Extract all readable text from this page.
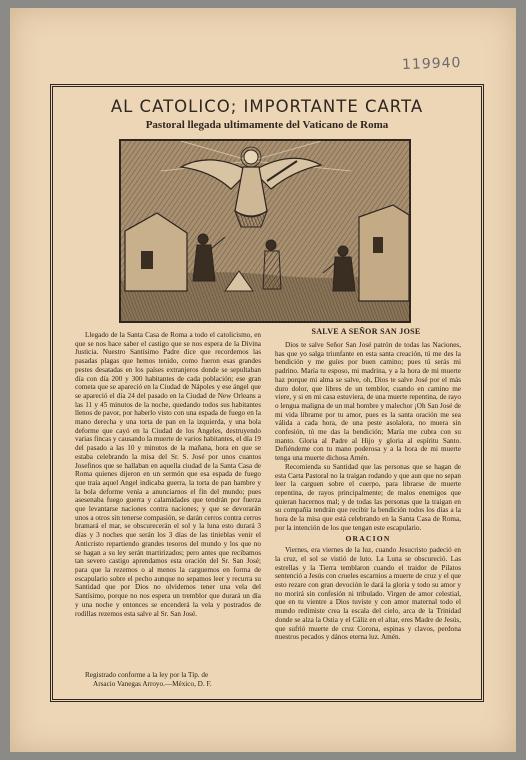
119940
AL CATOLICO; IMPORTANTE CARTA
Pastoral llegada ultimamente del Vaticano de Roma
SALVE A SEÑOR SAN JOSE

Llegado de la Santa Casa de Roma a todo el catolicismo, en que se nos hace saber el castigo que se nos espera de la Divina Justicia. Nuestro Santísimo Padre dice que recordemos las pasadas plagas que hemos tenido, como fueron esas grandes pestes desatadas en los países extranjeros donde se sepultaban día con día 200 y 300 habitantes de cada población; ese gran cometa que se apareció en la Ciudad de Nápoles y ese ángel que se apareció el día 24 del pasado en la Ciudad de New Orleans a las 11 y 45 minutos de la noche, quedando todos sus habitantes llenos de pavor, por haberlo visto con una espada de fuego en la mano derecha y una torta de pan en la izquierda, y una bola deforme que cayó en la Ciudad de los Angeles, destruyendo varias fincas y causando la muerte de varios habitantes, el día 19 del pasado a las 10 y minutos de la mañana, hora en que se estaba celebrando la misa del Sr. S. José por unos cuantos Josefinos que se hallaban en aquella ciudad de la Santa Casa de Roma quienes dijeron en un sermón que esa espada de fuego que traía aquel Angel indicaba guerra, la torta de pan hambre y la bola deforme venía a anunciarnos el fin del mundo; pues asesenaba fuego guerra y calamidades que tendrán por fuerza que levantarse naciones contra naciones; y que se devorarán unos a otros sin tenerse compasión, se darán cerros contra cerros bramará el mar, se obscurecerán el sol y la luna esto durará 3 días y 3 noches que serán los 3 días de las tinieblas venir el Anticristo repartiendo grandes tesoros del mundo y los que no se hagan a su ley serán martirizados; pero antes que recibamos tan severo castigo aprendamos esta oración del Sr. San José; para que la rezemos o al menos la carguemos en forma de escapulario sobre el pecho aunque no sepamos leer y recurra su Santidad que por Dios no olvidemos tener una vela del Santísimo, porque no nos espera un tremblor que durará un día y una noche y entonces se encenderá la vela y postrados de rodillas rezemos esta salve al Sr. San José.

Registrado conforme a la ley por la Tip. de
Arsacio Vanegas Arroyo.—México, D. F.

Dios te salve Señor San José patrón de todas las Naciones, has que yo salga triunfante en esta santa creación, tú me des la bendición y me guíes por buen camino; pues tú serás mi padrino. María tu esposo, mi madrina, y a la hora de mi muerte haz porque mi alma se salve, oh, Dios te salve José por el más duro dolor, que libres de un temblor, cuando en camino me viere, y si en mi casa estuviera, de una muerte repentina, de rayo o lengua maligna de un mal hombre y malechor ¡Oh San José de mi vida líbrame por tu amor, pues es la santa oración me sea válida a cada hora, de una peste asolalora, no muera sin confesión, tú me das la bendición; María me cubra con su manto. Gloria al Padre al Hijo y gloria al espíritu Santo. Defiéndeme con tu mano poderosa y a la hora de mi muerte tenga una muerte dichosa Amén.

Recomienda su Santidad que las personas que se hagan de esta Carta Pastoral no la traigan rodando y que aun que no sepan leer la carguen sobre el cuerpo, para librarse de muerte repentina, de rayos principalmente; de malos enemigos que quieran hacernos mal; y de todas las personas que la traigan en su compañía tendrán que recibir la bendición todos los días a la hora de la misa que está celebrando en la Santa Casa de Roma, por la intención de los que tengan este escapulario.

ORACION

Viernes, era viernes de la luz, cuando Jesucristo padeció en la cruz, el sol se vistió de luto. La Luna se obscureció. Las estrellas y la Tierra temblaron cuando el traidor de Pilatos sentenció a Jesús con crueles escarnios a muerte de cruz y el que esto rezare con gran devoción le dará la gloria y todo su amor y no morirá sin confesión ni tribulado. Virgen de amor celestial, que en tu vientre a Dios tuviste y con amor maternal todo el mundo redimiste crea la escala del cielo, arca de la Trinidad donde se alza la Ostia y el Cáliz en el altar, eres Madre de Jesús, que sufrió muerte de cruz Corona, espinas y clavos, perdona nuestros pecados y dános eterna luz. Amén.
